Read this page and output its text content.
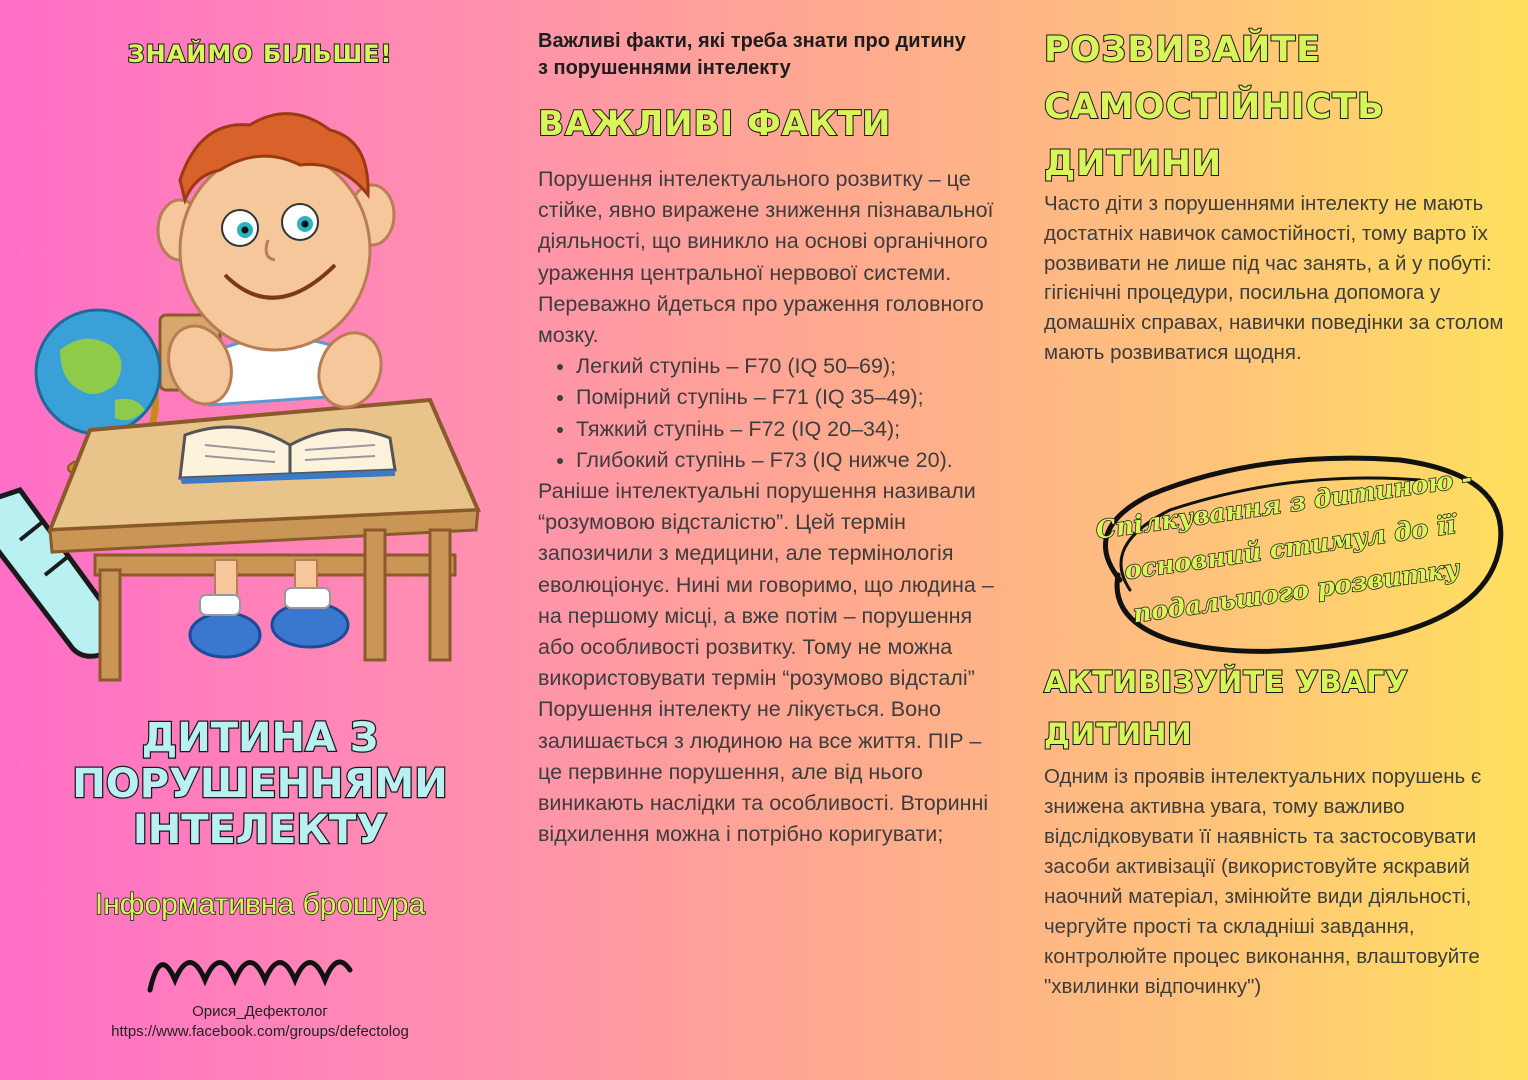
ЗНАЙМО БІЛЬШЕ!
ДИТИНА З ПОРУШЕННЯМИ ІНТЕЛЕКТУ
Інформативна брошура
Орися_Дефектолог
https://www.facebook.com/groups/defectolog
Важливі факти, які треба знати про дитину з порушеннями інтелекту
ВАЖЛИВІ ФАКТИ

Порушення інтелектуального розвитку – це стійке, явно виражене зниження пізнавальної діяльності, що виникло на основі органічного ураження центральної нервової системи. Переважно йдеться про ураження головного мозку.

• Легкий ступінь – F70 (IQ 50–69);
• Помірний ступінь – F71 (IQ 35–49);
• Тяжкий ступінь – F72 (IQ 20–34);
• Глибокий ступінь – F73 (IQ нижче 20).

Раніше інтелектуальні порушення називали “розумовою відсталістю”. Цей термін запозичили з медицини, але термінологія еволюціонує. Нині ми говоримо, що людина – на першому місці, а вже потім – порушення або особливості розвитку. Тому не можна використовувати термін “розумово відсталі”

Порушення інтелекту не лікується. Воно залишається з людиною на все життя. ПІР – це первинне порушення, але від нього виникають наслідки та особливості. Вторинні відхилення можна і потрібно коригувати;

РОЗВИВАЙТЕ САМОСТІЙНІСТЬ ДИТИНИ

Часто діти з порушеннями інтелекту не мають достатніх навичок самостійності, тому варто їх розвивати не лише під час занять, а й у побуті: гігієнічні процедури, посильна допомога у домашніх справах, навички поведінки за столом мають розвиватися щодня.

Спілкування з дитиною - основний стимул до її подальшого розвитку
АКТИВІЗУЙТЕ УВАГУ ДИТИНИ

Одним із проявів інтелектуальних порушень є знижена активна увага, тому важливо відслідковувати її наявність та застосовувати засоби активізації (використовуйте яскравий наочний матеріал, змінюйте види діяльності, чергуйте прості та складніші завдання, контролюйте процес виконання, влаштовуйте "хвилинки відпочинку")
